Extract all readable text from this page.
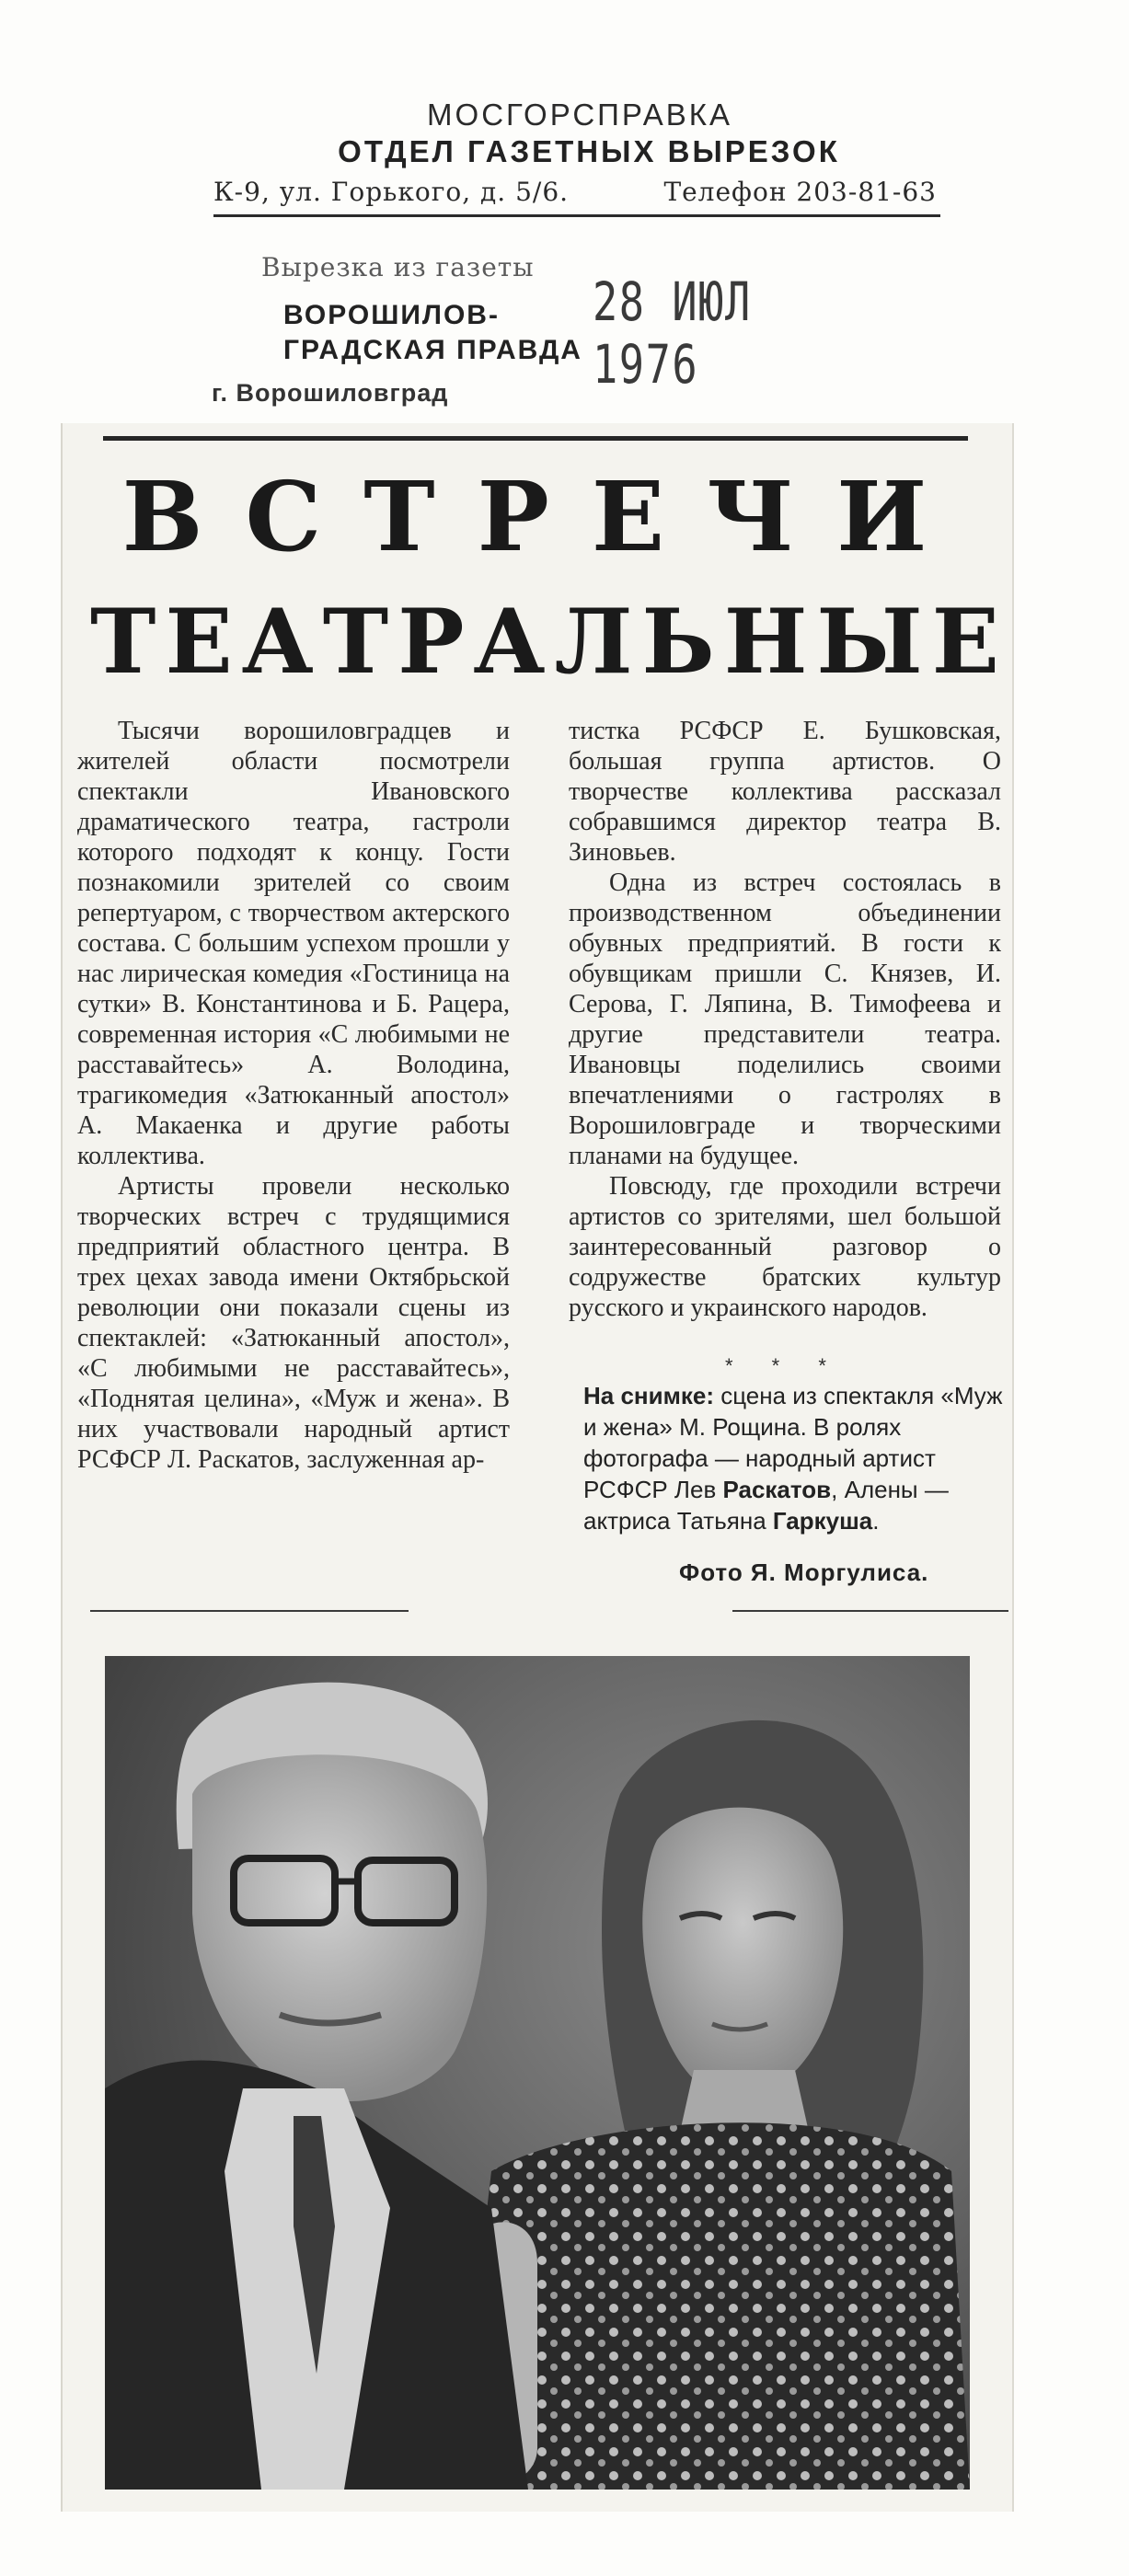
МОСГОРСПРАВКА
ОТДЕЛ ГАЗЕТНЫХ ВЫРЕЗОК
К-9, ул. Горького, д. 5/6.	Телефон 203-81-63
Вырезка из газеты
ВОРОШИЛОВ-
ГРАДСКАЯ ПРАВДА
г. Ворошиловград
28 ИЮЛ 1976
ВСТРЕЧИ
ТЕАТРАЛЬНЫЕ

Тысячи ворошиловградцев и жителей области посмотрели спектакли Ивановского драматического театра, гастроли которого подходят к концу. Гости познакомили зрителей со своим репертуаром, с творчеством актерского состава. С большим успехом прошли у нас лирическая комедия «Гостиница на сутки» В. Константинова и Б. Рацера, современная история «С любимыми не расставайтесь» А. Володина, трагикомедия «Затюканный апостол» А. Макаенка и другие работы коллектива.

Артисты провели несколько творческих встреч с трудящимися предприятий областного центра. В трех цехах завода имени Октябрьской революции они показали сцены из спектаклей: «Затюканный апостол», «С любимыми не расставайтесь», «Поднятая целина», «Муж и жена». В них участвовали народный артист РСФСР Л. Раскатов, заслуженная ар-

тистка РСФСР Е. Бушковская, большая группа артистов. О творчестве коллектива рассказал собравшимся директор театра В. Зиновьев.

Одна из встреч состоялась в производственном объединении обувных предприятий. В гости к обувщикам пришли С. Князев, И. Серова, Г. Ляпина, В. Тимофеева и другие представители театра. Ивановцы поделились своими впечатлениями о гастролях в Ворошиловграде и творческими планами на будущее.

Повсюду, где проходили встречи артистов со зрителями, шел большой заинтересованный разговор о содружестве братских культур русского и украинского народов.

* * *
На снимке: сцена из спектакля «Муж и жена» М. Рощина. В ролях фотографа — народный артист РСФСР Лев Раскатов, Алены — актриса Татьяна Гаркуша.
Фото Я. Моргулиса.
